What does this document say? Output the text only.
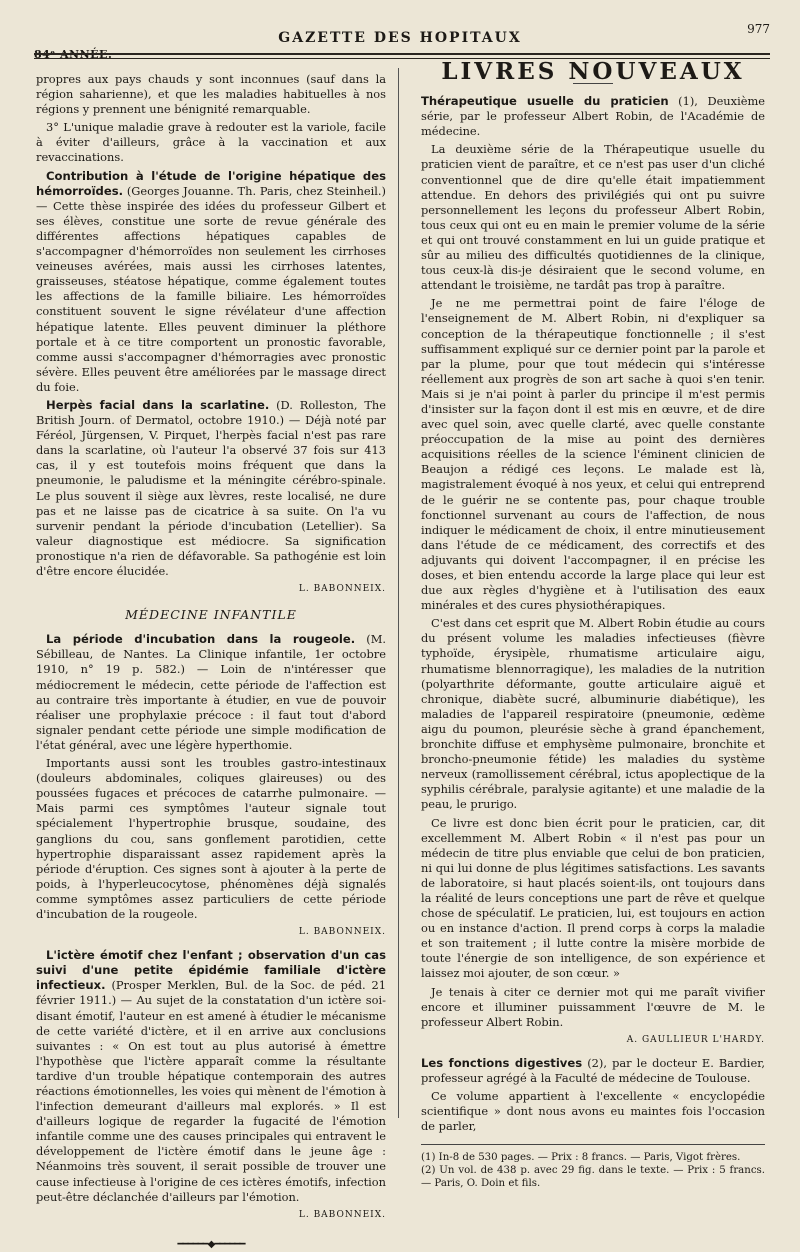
84ᵉ ANNÉE.
GAZETTE DES HOPITAUX
977

propres aux pays chauds y sont inconnues (sauf dans la région saharienne), et que les maladies habituelles à nos régions y prennent une bénignité remarquable.

3° L'unique maladie grave à redouter est la variole, facile à éviter d'ailleurs, grâce à la vaccination et aux revaccinations.

Contribution à l'étude de l'origine hépatique des hémorroïdes. (Georges Jouanne. Th. Paris, chez Steinheil.) — Cette thèse inspirée des idées du professeur Gilbert et ses élèves, constitue une sorte de revue générale des différentes affections hépatiques capables de s'accompagner d'hémorroïdes non seulement les cirrhoses veineuses avérées, mais aussi les cirrhoses latentes, graisseuses, stéatose hépatique, comme également toutes les affections de la famille biliaire. Les hémorroïdes constituent souvent le signe révélateur d'une affection hépatique latente. Elles peuvent diminuer la pléthore portale et à ce titre comportent un pronostic favorable, comme aussi s'accompagner d'hémorragies avec pronostic sévère. Elles peuvent être améliorées par le massage direct du foie.

Herpès facial dans la scarlatine. (D. Rolleston, The British Journ. of Dermatol, octobre 1910.) — Déjà noté par Féréol, Jürgensen, V. Pirquet, l'herpès facial n'est pas rare dans la scarlatine, où l'auteur l'a observé 37 fois sur 413 cas, il y est toutefois moins fréquent que dans la pneumonie, le paludisme et la méningite cérébro-spinale. Le plus souvent il siège aux lèvres, reste localisé, ne dure pas et ne laisse pas de cicatrice à sa suite. On l'a vu survenir pendant la période d'incubation (Letellier). Sa valeur diagnostique est médiocre. Sa signification pronostique n'a rien de défavorable. Sa pathogénie est loin d'être encore élucidée.

L. BABONNEIX.
MÉDECINE INFANTILE

La période d'incubation dans la rougeole. (M. Sébilleau, de Nantes. La Clinique infantile, 1er octobre 1910, n° 19 p. 582.) — Loin de n'intéresser que médiocrement le médecin, cette période de l'affection est au contraire très importante à étudier, en vue de pouvoir réaliser une prophylaxie précoce : il faut tout d'abord signaler pendant cette période une simple modification de l'état général, avec une légère hyperthomie.

Importants aussi sont les troubles gastro-intestinaux (douleurs abdominales, coliques glaireuses) ou des poussées fugaces et précoces de catarrhe pulmonaire. — Mais parmi ces symptômes l'auteur signale tout spécialement l'hypertrophie brusque, soudaine, des ganglions du cou, sans gonflement parotidien, cette hypertrophie disparaissant assez rapidement après la période d'éruption. Ces signes sont à ajouter à la perte de poids, à l'hyperleucocytose, phénomènes déjà signalés comme symptômes assez particuliers de cette période d'incubation de la rougeole.

L. BABONNEIX.

L'ictère émotif chez l'enfant ; observation d'un cas suivi d'une petite épidémie familiale d'ictère infectieux. (Prosper Merklen, Bul. de la Soc. de péd. 21 février 1911.) — Au sujet de la constatation d'un ictère soi-disant émotif, l'auteur en est amené à étudier le mécanisme de cette variété d'ictère, et il en arrive aux conclusions suivantes : « On est tout au plus autorisé à émettre l'hypothèse que l'ictère apparaît comme la résultante tardive d'un trouble hépatique contemporain des autres réactions émotionnelles, les voies qui mènent de l'émotion à l'infection demeurant d'ailleurs mal explorés. » Il est d'ailleurs logique de regarder la fugacité de l'émotion infantile comme une des causes principales qui entravent le développement de l'ictère émotif dans le jeune âge : Néanmoins très souvent, il serait possible de trouver une cause infectieuse à l'origine de ces ictères émotifs, infection peut-être déclanchée d'ailleurs par l'émotion.

L. BABONNEIX.
━━━━━━◆━━━━━━
LIVRES NOUVEAUX

Thérapeutique usuelle du praticien (1), Deuxième série, par le professeur Albert Robin, de l'Académie de médecine.

La deuxième série de la Thérapeutique usuelle du praticien vient de paraître, et ce n'est pas user d'un cliché conventionnel que de dire qu'elle était impatiemment attendue. En dehors des privilégiés qui ont pu suivre personnellement les leçons du professeur Albert Robin, tous ceux qui ont eu en main le premier volume de la série et qui ont trouvé constamment en lui un guide pratique et sûr au milieu des difficultés quotidiennes de la clinique, tous ceux-là dis-je désiraient que le second volume, en attendant le troisième, ne tardât pas trop à paraître.

Je ne me permettrai point de faire l'éloge de l'enseignement de M. Albert Robin, ni d'expliquer sa conception de la thérapeutique fonctionnelle ; il s'est suffisamment expliqué sur ce dernier point par la parole et par la plume, pour que tout médecin qui s'intéresse réellement aux progrès de son art sache à quoi s'en tenir. Mais si je n'ai point à parler du principe il m'est permis d'insister sur la façon dont il est mis en œuvre, et de dire avec quel soin, avec quelle clarté, avec quelle constante préoccupation de la mise au point des dernières acquisitions réelles de la science l'éminent clinicien de Beaujon a rédigé ces leçons. Le malade est là, magistralement évoqué à nos yeux, et celui qui entreprend de le guérir ne se contente pas, pour chaque trouble fonctionnel survenant au cours de l'affection, de nous indiquer le médicament de choix, il entre minutieusement dans l'étude de ce médicament, des correctifs et des adjuvants qui doivent l'accompagner, il en précise les doses, et bien entendu accorde la large place qui leur est due aux règles d'hygiène et à l'utilisation des eaux minérales et des cures physiothérapiques.

C'est dans cet esprit que M. Albert Robin étudie au cours du présent volume les maladies infectieuses (fièvre typhoïde, érysipèle, rhumatisme articulaire aigu, rhumatisme blennorragique), les maladies de la nutrition (polyarthrite déformante, goutte articulaire aiguë et chronique, diabète sucré, albuminurie diabétique), les maladies de l'appareil respiratoire (pneumonie, œdème aigu du poumon, pleurésie sèche à grand épanchement, bronchite diffuse et emphysème pulmonaire, bronchite et broncho-pneumonie fétide) les maladies du système nerveux (ramollissement cérébral, ictus apoplectique de la syphilis cérébrale, paralysie agitante) et une maladie de la peau, le prurigo.

Ce livre est donc bien écrit pour le praticien, car, dit excellemment M. Albert Robin « il n'est pas pour un médecin de titre plus enviable que celui de bon praticien, ni qui lui donne de plus légitimes satisfactions. Les savants de laboratoire, si haut placés soient-ils, ont toujours dans la réalité de leurs conceptions une part de rêve et quelque chose de spéculatif. Le praticien, lui, est toujours en action ou en instance d'action. Il prend corps à corps la maladie et son traitement ; il lutte contre la misère morbide de toute l'énergie de son intelligence, de son expérience et laissez moi ajouter, de son cœur. »

Je tenais à citer ce dernier mot qui me paraît vivifier encore et illuminer puissamment l'œuvre de M. le professeur Albert Robin.

A. GAULLIEUR L'HARDY.

Les fonctions digestives (2), par le docteur E. Bardier, professeur agrégé à la Faculté de médecine de Toulouse.

Ce volume appartient à l'excellente « encyclopédie scientifique » dont nous avons eu maintes fois l'occasion de parler,

(1) In-8 de 530 pages. — Prix : 8 francs. — Paris, Vigot frères.

(2) Un vol. de 438 p. avec 29 fig. dans le texte. — Prix : 5 francs. — Paris, O. Doin et fils.
